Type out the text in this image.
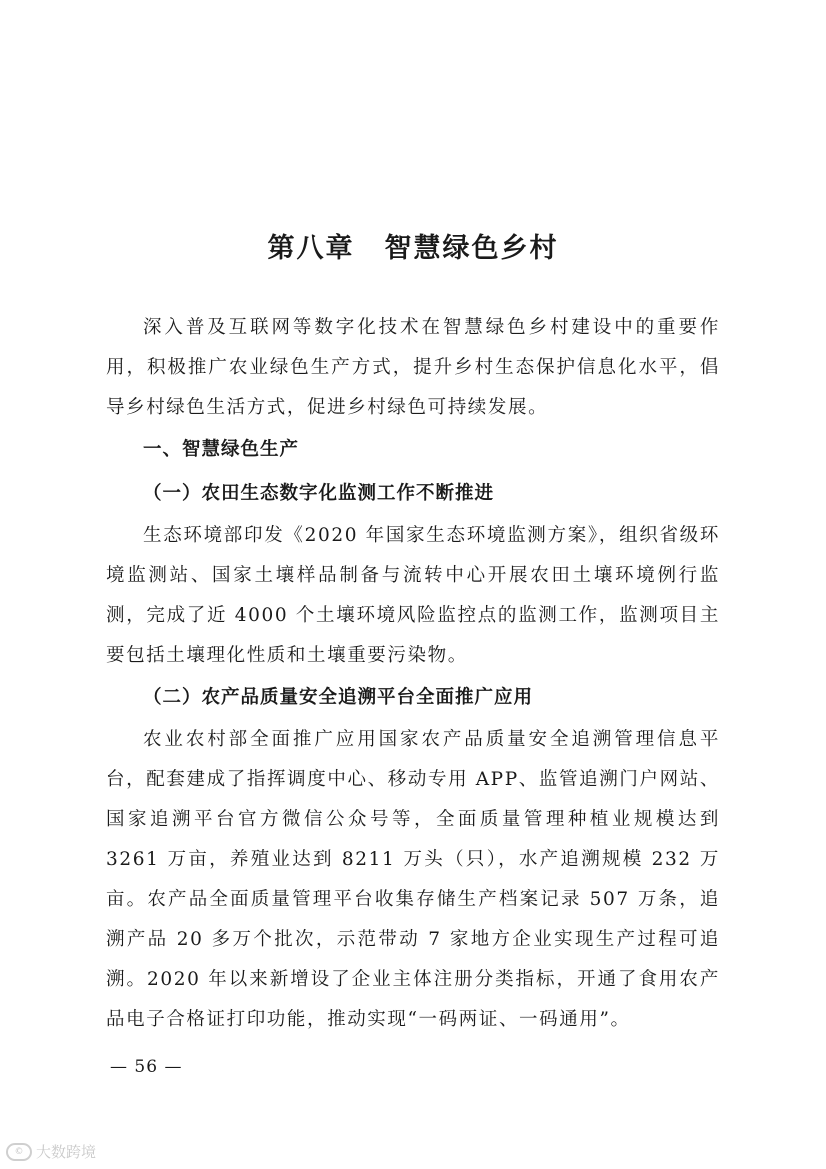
第八章 智慧绿色乡村

深入普及互联网等数字化技术在智慧绿色乡村建设中的重要作用，积极推广农业绿色生产方式，提升乡村生态保护信息化水平，倡导乡村绿色生活方式，促进乡村绿色可持续发展。

一、智慧绿色生产

（一）农田生态数字化监测工作不断推进

生态环境部印发《2020 年国家生态环境监测方案》，组织省级环境监测站、国家土壤样品制备与流转中心开展农田土壤环境例行监测，完成了近 4000 个土壤环境风险监控点的监测工作，监测项目主要包括土壤理化性质和土壤重要污染物。

（二）农产品质量安全追溯平台全面推广应用

农业农村部全面推广应用国家农产品质量安全追溯管理信息平台，配套建成了指挥调度中心、移动专用 APP、监管追溯门户网站、国家追溯平台官方微信公众号等，全面质量管理种植业规模达到 3261 万亩，养殖业达到 8211 万头（只），水产追溯规模 232 万亩。农产品全面质量管理平台收集存储生产档案记录 507 万条，追溯产品 20 多万个批次，示范带动 7 家地方企业实现生产过程可追溯。2020 年以来新增设了企业主体注册分类指标，开通了食用农产品电子合格证打印功能，推动实现“一码两证、一码通用”。

— 56 —
© 大数跨境
